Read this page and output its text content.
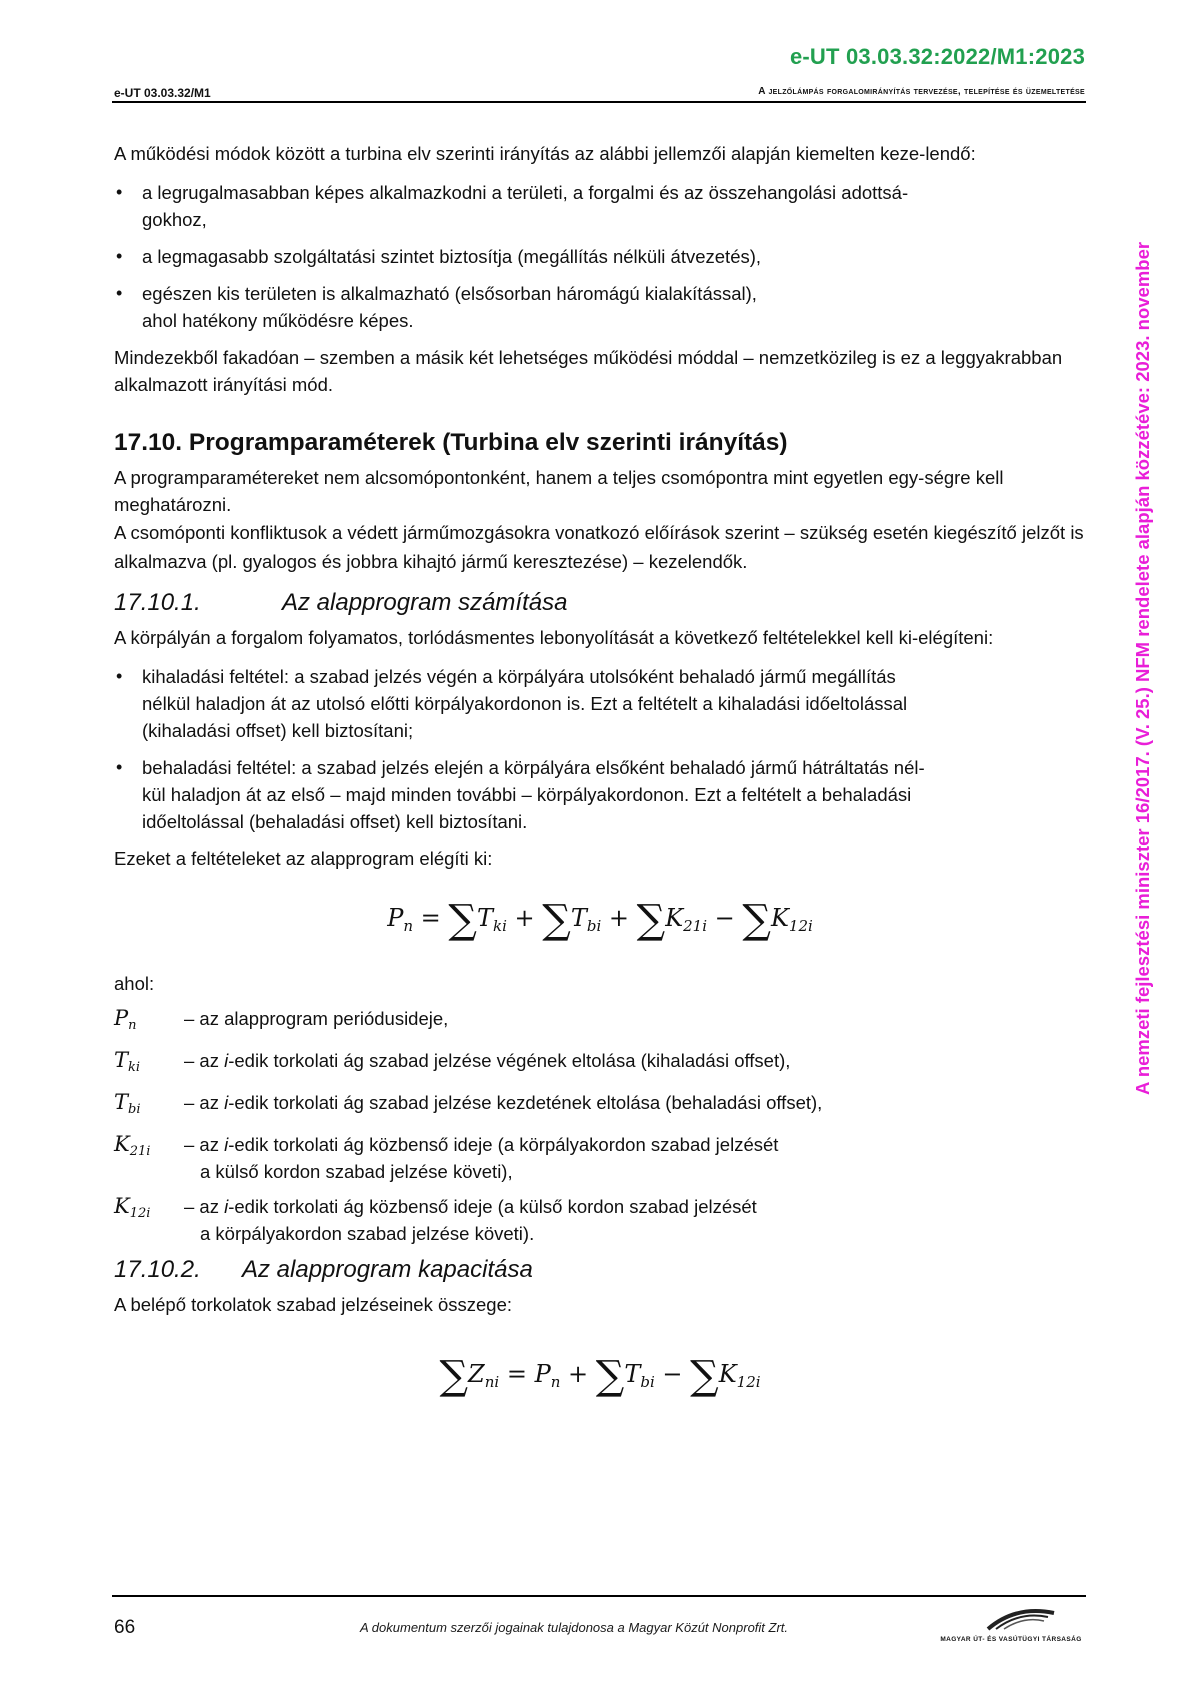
e-UT 03.03.32:2022/M1:2023
e-UT 03.03.32/M1	A jelzőlámpás forgalomirányítás tervezése, telepítése és üzemeltetése
A nemzeti fejlesztési miniszter 16/2017. (V. 25.) NFM rendelete alapján közzétéve: 2023. november

A működési módok között a turbina elv szerinti irányítás az alábbi jellemzői alapján kiemelten keze-lendő:

• a legrugalmasabban képes alkalmazkodni a területi, a forgalmi és az összehangolási adottsá-
gokhoz,
• a legmagasabb szolgáltatási szintet biztosítja (megállítás nélküli átvezetés),
• egészen kis területen is alkalmazható (elsősorban háromágú kialakítással),
ahol hatékony működésre képes.

Mindezekből fakadóan – szemben a másik két lehetséges működési móddal – nemzetközileg is ez a leggyakrabban alkalmazott irányítási mód.

17.10. Programparaméterek (Turbina elv szerinti irányítás)

A programparamétereket nem alcsomópontonként, hanem a teljes csomópontra mint egyetlen egy-ségre kell meghatározni.

A csomóponti konfliktusok a védett járműmozgásokra vonatkozó előírások szerint – szükség esetén kiegészítő jelzőt is alkalmazva (pl. gyalogos és jobbra kihajtó jármű keresztezése) – kezelendők.

17.10.1.	Az alapprogram számítása

A körpályán a forgalom folyamatos, torlódásmentes lebonyolítását a következő feltételekkel kell ki-elégíteni:

• kihaladási feltétel: a szabad jelzés végén a körpályára utolsóként behaladó jármű megállítás
nélkül haladjon át az utolsó előtti körpályakordonon is. Ezt a feltételt a kihaladási időeltolással
(kihaladási offset) kell biztosítani;
• behaladási feltétel: a szabad jelzés elején a körpályára elsőként behaladó jármű hátráltatás nél-
kül haladjon át az első – majd minden további – körpályakordonon. Ezt a feltételt a behaladási
időeltolással (behaladási offset) kell biztosítani.

Ezeket a feltételeket az alapprogram elégíti ki:

$P_n = \sum T_{ki} + \sum T_{bi} + \sum K_{21i} - \sum K_{12i}$

ahol:

$P_n$	– az alapprogram periódusideje,
$T_{ki}$	– az i-edik torkolati ág szabad jelzése végének eltolása (kihaladási offset),
$T_{bi}$	– az i-edik torkolati ág szabad jelzése kezdetének eltolása (behaladási offset),
$K_{21i}$	– az i-edik torkolati ág közbenső ideje (a körpályakordon szabad jelzését
a külső kordon szabad jelzése követi),
$K_{12i}$	– az i-edik torkolati ág közbenső ideje (a külső kordon szabad jelzését
a körpályakordon szabad jelzése követi).
17.10.2. Az alapprogram kapacitása

A belépő torkolatok szabad jelzéseinek összege:

$\sum Z_{ni} = P_n + \sum T_{bi} - \sum K_{12i}$
66	A dokumentum szerzői jogainak tulajdonosa a Magyar Közút Nonprofit Zrt.
MAGYAR ÚT- ÉS VASÚTÜGYI TÁRSASÁG
